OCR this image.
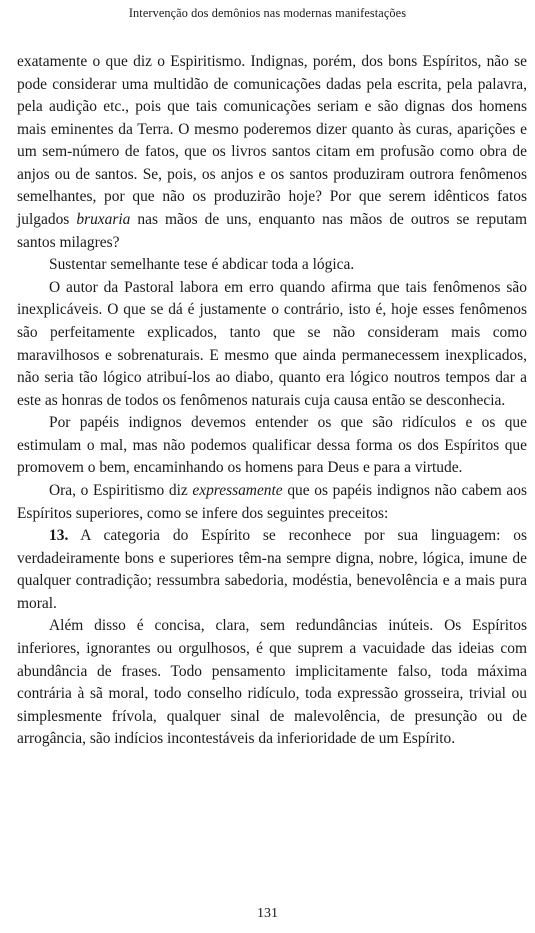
Intervenção dos demônios nas modernas manifestações

exatamente o que diz o Espiritismo. Indignas, porém, dos bons Espíritos, não se pode considerar uma multidão de comunicações dadas pela escrita, pela palavra, pela audição etc., pois que tais comunicações seriam e são dignas dos homens mais eminentes da Terra. O mesmo poderemos dizer quanto às curas, aparições e um sem-número de fatos, que os livros santos citam em profusão como obra de anjos ou de santos. Se, pois, os anjos e os santos produziram outrora fenômenos semelhantes, por que não os produzirão hoje? Por que serem idênticos fatos julgados bruxaria nas mãos de uns, enquanto nas mãos de outros se reputam santos milagres?

Sustentar semelhante tese é abdicar toda a lógica.

O autor da Pastoral labora em erro quando afirma que tais fenômenos são inexplicáveis. O que se dá é justamente o contrário, isto é, hoje esses fenômenos são perfeitamente explicados, tanto que se não consideram mais como maravilhosos e sobrenaturais. E mesmo que ainda permanecessem inexplicados, não seria tão lógico atribuí-los ao diabo, quanto era lógico noutros tempos dar a este as honras de todos os fenômenos naturais cuja causa então se desconhecia.

Por papéis indignos devemos entender os que são ridículos e os que estimulam o mal, mas não podemos qualificar dessa forma os dos Espíritos que promovem o bem, encaminhando os homens para Deus e para a virtude.

Ora, o Espiritismo diz expressamente que os papéis indignos não cabem aos Espíritos superiores, como se infere dos seguintes preceitos:

13. A categoria do Espírito se reconhece por sua linguagem: os verdadeiramente bons e superiores têm-na sempre digna, nobre, lógica, imune de qualquer contradição; ressumbra sabedoria, modéstia, benevolência e a mais pura moral.

Além disso é concisa, clara, sem redundâncias inúteis. Os Espíritos inferiores, ignorantes ou orgulhosos, é que suprem a vacuidade das ideias com abundância de frases. Todo pensamento implicitamente falso, toda máxima contrária à sã moral, todo conselho ridículo, toda expressão grosseira, trivial ou simplesmente frívola, qualquer sinal de malevolência, de presunção ou de arrogância, são indícios incontestáveis da inferioridade de um Espírito.

131
